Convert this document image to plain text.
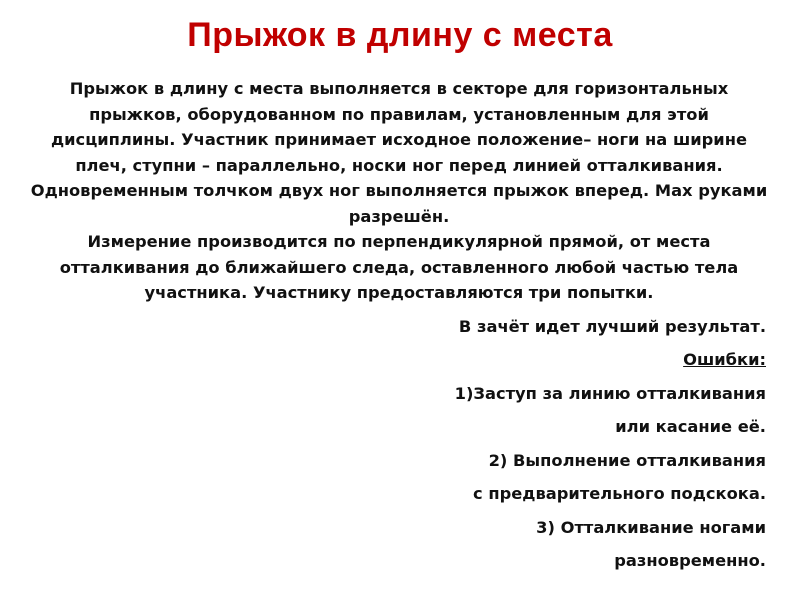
Прыжок в длину с места

Прыжок в длину с места выполняется в секторе для горизонтальных прыжков, оборудованном по правилам, установленным для этой дисциплины. Участник принимает исходное положение– ноги на ширине плеч, ступни – параллельно, носки ног перед линией отталкивания. Одновременным толчком двух ног выполняется прыжок вперед. Мах руками разрешён.

Измерение производится по перпендикулярной прямой, от места отталкивания до ближайшего следа, оставленного любой частью тела участника. Участнику предоставляются три попытки.

В зачёт идет лучший результат.

Ошибки:

1)Заступ за линию отталкивания

или касание её.

2) Выполнение отталкивания

с предварительного подскока.

3) Отталкивание ногами

разновременно.
